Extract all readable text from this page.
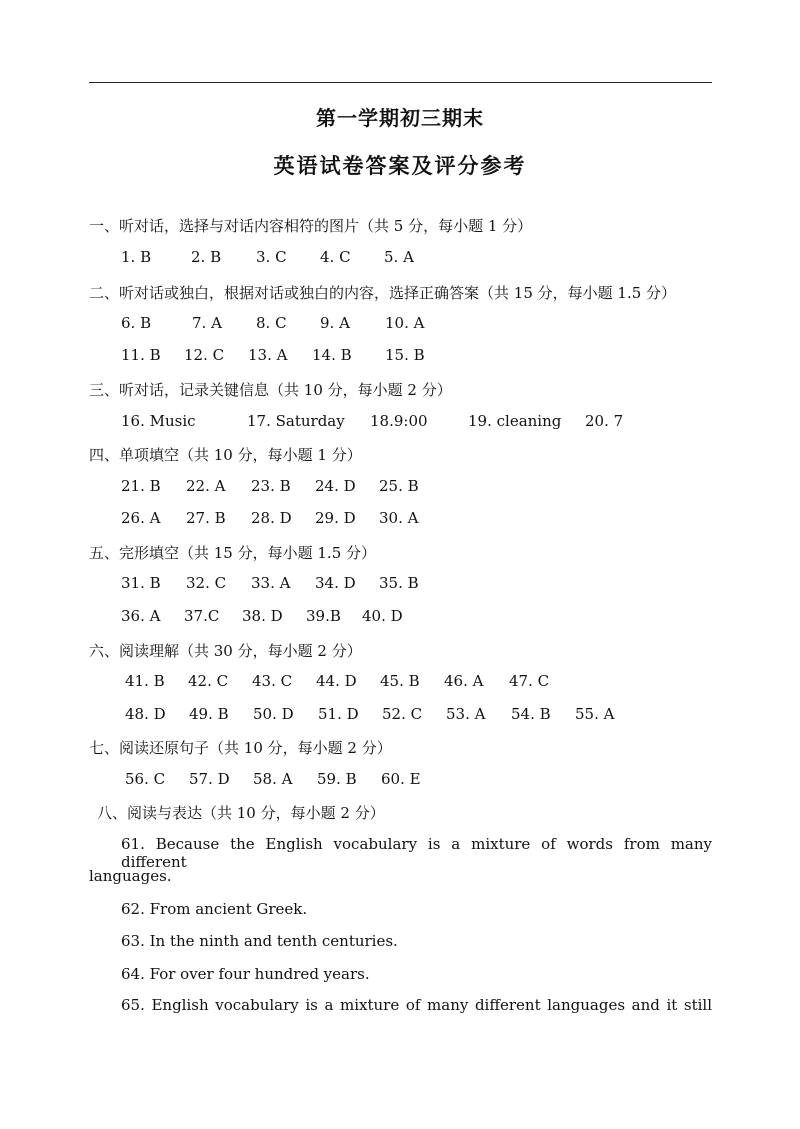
第一学期初三期末
英语试卷答案及评分参考
一、听对话，选择与对话内容相符的图片（共 5 分，每小题 1 分）
1. B	2. B 3. C 4. C 5. A
二、听对话或独白，根据对话或独白的内容，选择正确答案（共 15 分，每小题 1.5 分）
6. B	7. A 8. C 9. A 10. A
11. B 12. C 13. A 14. B 15. B
三、听对话，记录关键信息（共 10 分，每小题 2 分）
16. Music	17. Saturday 18.9:00	19. cleaning 20. 7
四、单项填空（共 10 分，每小题 1 分）
21. B 22. A 23. B 24. D 25. B
26. A 27. B 28. D 29. D 30. A
五、完形填空（共 15 分，每小题 1.5 分）
31. B 32. C 33. A 34. D 35. B
36. A 37.C 38. D 39.B 40. D
六、阅读理解（共 30 分，每小题 2 分）
41. B 42. C 43. C 44. D 45. B 46. A 47. C
48. D 49. B 50. D 51. D 52. C 53. A 54. B 55. A
七、阅读还原句子（共 10 分，每小题 2 分）
56. C 57. D 58. A 59. B 60. E
八、阅读与表达（共 10 分，每小题 2 分）
61. Because the English vocabulary is a mixture of words from many different
languages.
62. From ancient Greek.
63. In the ninth and tenth centuries.
64. For over four hundred years.
65. English vocabulary is a mixture of many different languages and it still
